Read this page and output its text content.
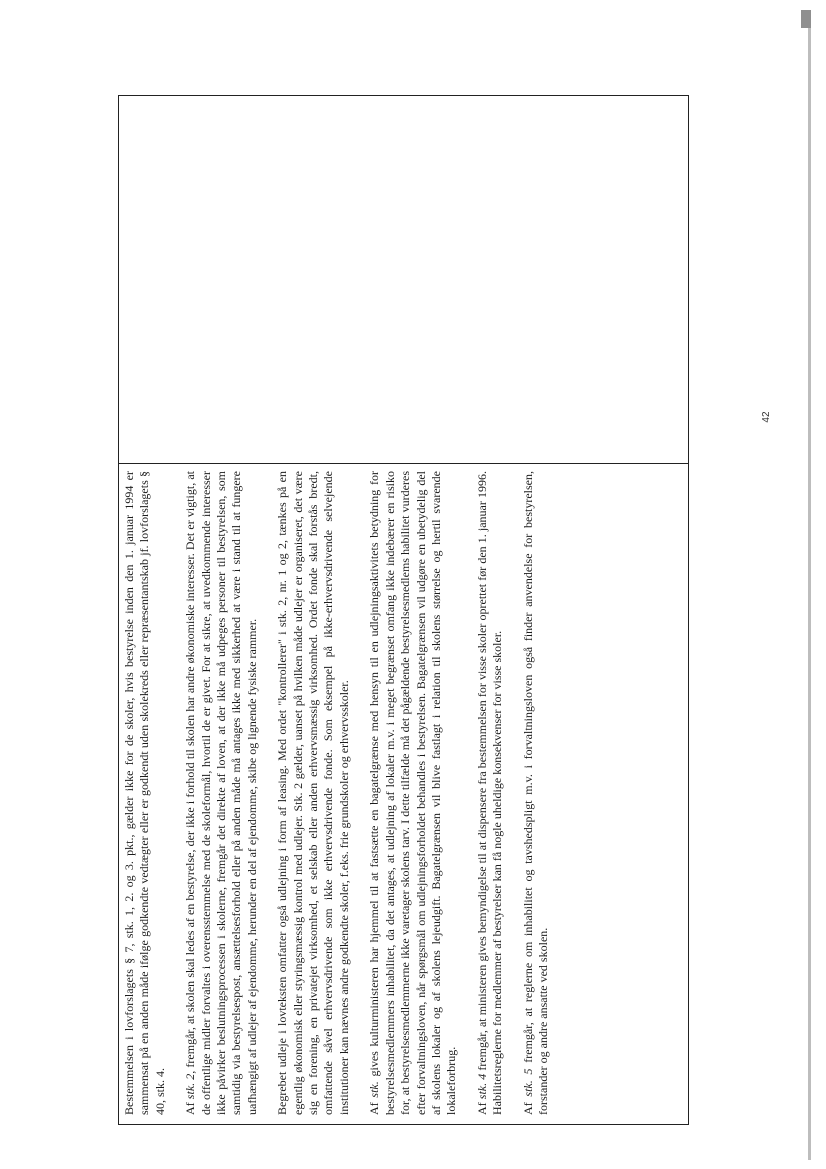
42

Bestemmelsen i lovforslagets § 7, stk. 1, 2. og 3. pkt., gælder ikke for de skoler, hvis bestyrelse inden den 1. januar 1994 er sammensat på en anden måde ifølge godkendte vedtægter eller er godkendt uden skolekreds eller repræsentantskab jf. lovforslagets § 40, stk. 4. Af stk. 2, fremgår, at skolen skal ledes af en bestyrelse, der ikke i forhold til skolen har andre økonomiske interesser. Det er vigtigt, at de offentlige midler forvaltes i overensstemmelse med de skoleformål, hvortil de er givet. For at sikre, at uvedkommende interesser ikke påvirker beslutningsprocessen i skolerne, fremgår det direkte af loven, at der ikke må udpeges personer til bestyrelsen, som samtidig via bestyrelsespost, ansættelsesforhold eller på anden måde må antages ikke med sikkerhed at være i stand til at fungere uafhængigt af udlejer af ejendomme, herunder en del af ejendomme, skibe og lignende fysiske rammer. Begrebet udleje i lovteksten omfatter også udlejning i form af leasing. Med ordet "kontrollerer" i stk. 2, nr. 1 og 2, tænkes på en egentlig økonomisk eller styringsmæssig kontrol med udlejer. Stk. 2 gælder, uanset på hvilken måde udlejer er organiseret, det være sig en forening, en privatejet virksomhed, et selskab eller anden erhvervsmæssig virksomhed. Ordet fonde skal forstås bredt, omfattende såvel erhvervsdrivende som ikke erhvervsdrivende fonde. Som eksempel på ikke-erhvervsdrivende selvejende institutioner kan nævnes andre godkendte skoler, f.eks. frie grundskoler og erhvervsskoler. Af stk. gives kulturministeren har hjemmel til at fastsætte en bagatelgrænse med hensyn til en udlejningsaktivitets betydning for bestyrelsesmedlemmers inhabilitet, da det antages, at udlejning af lokaler m.v. i meget begrænset omfang ikke indebærer en risiko for, at bestyrelsesmedlemmerne ikke varetager skolens tarv. I dette tilfælde må det pågældende bestyrelsesmedlems habilitet vurderes efter forvaltningsloven, når spørgsmål om udlejningsforholdet behandles i bestyrelsen. Bagatelgrænsen vil udgøre en ubetydelig del af skolens lokaler og af skolens lejeudgift. Bagatelgrænsen vil blive fastlagt i relation til skolens størrelse og hertil svarende lokaleforbrug. Af stk. 4 fremgår, at ministeren gives bemyndigelse til at dispensere fra bestemmelsen for visse skoler oprettet før den 1. januar 1996. Habilitetsreglerne for medlemmer af bestyrelser kan få nogle uheldige konsekvenser for visse skoler. Af stk. 5 fremgår, at reglerne om inhabilitet og tavshedspligt m.v. i forvaltningsloven også finder anvendelse for bestyrelsen, forstander og andre ansatte ved skolen.
